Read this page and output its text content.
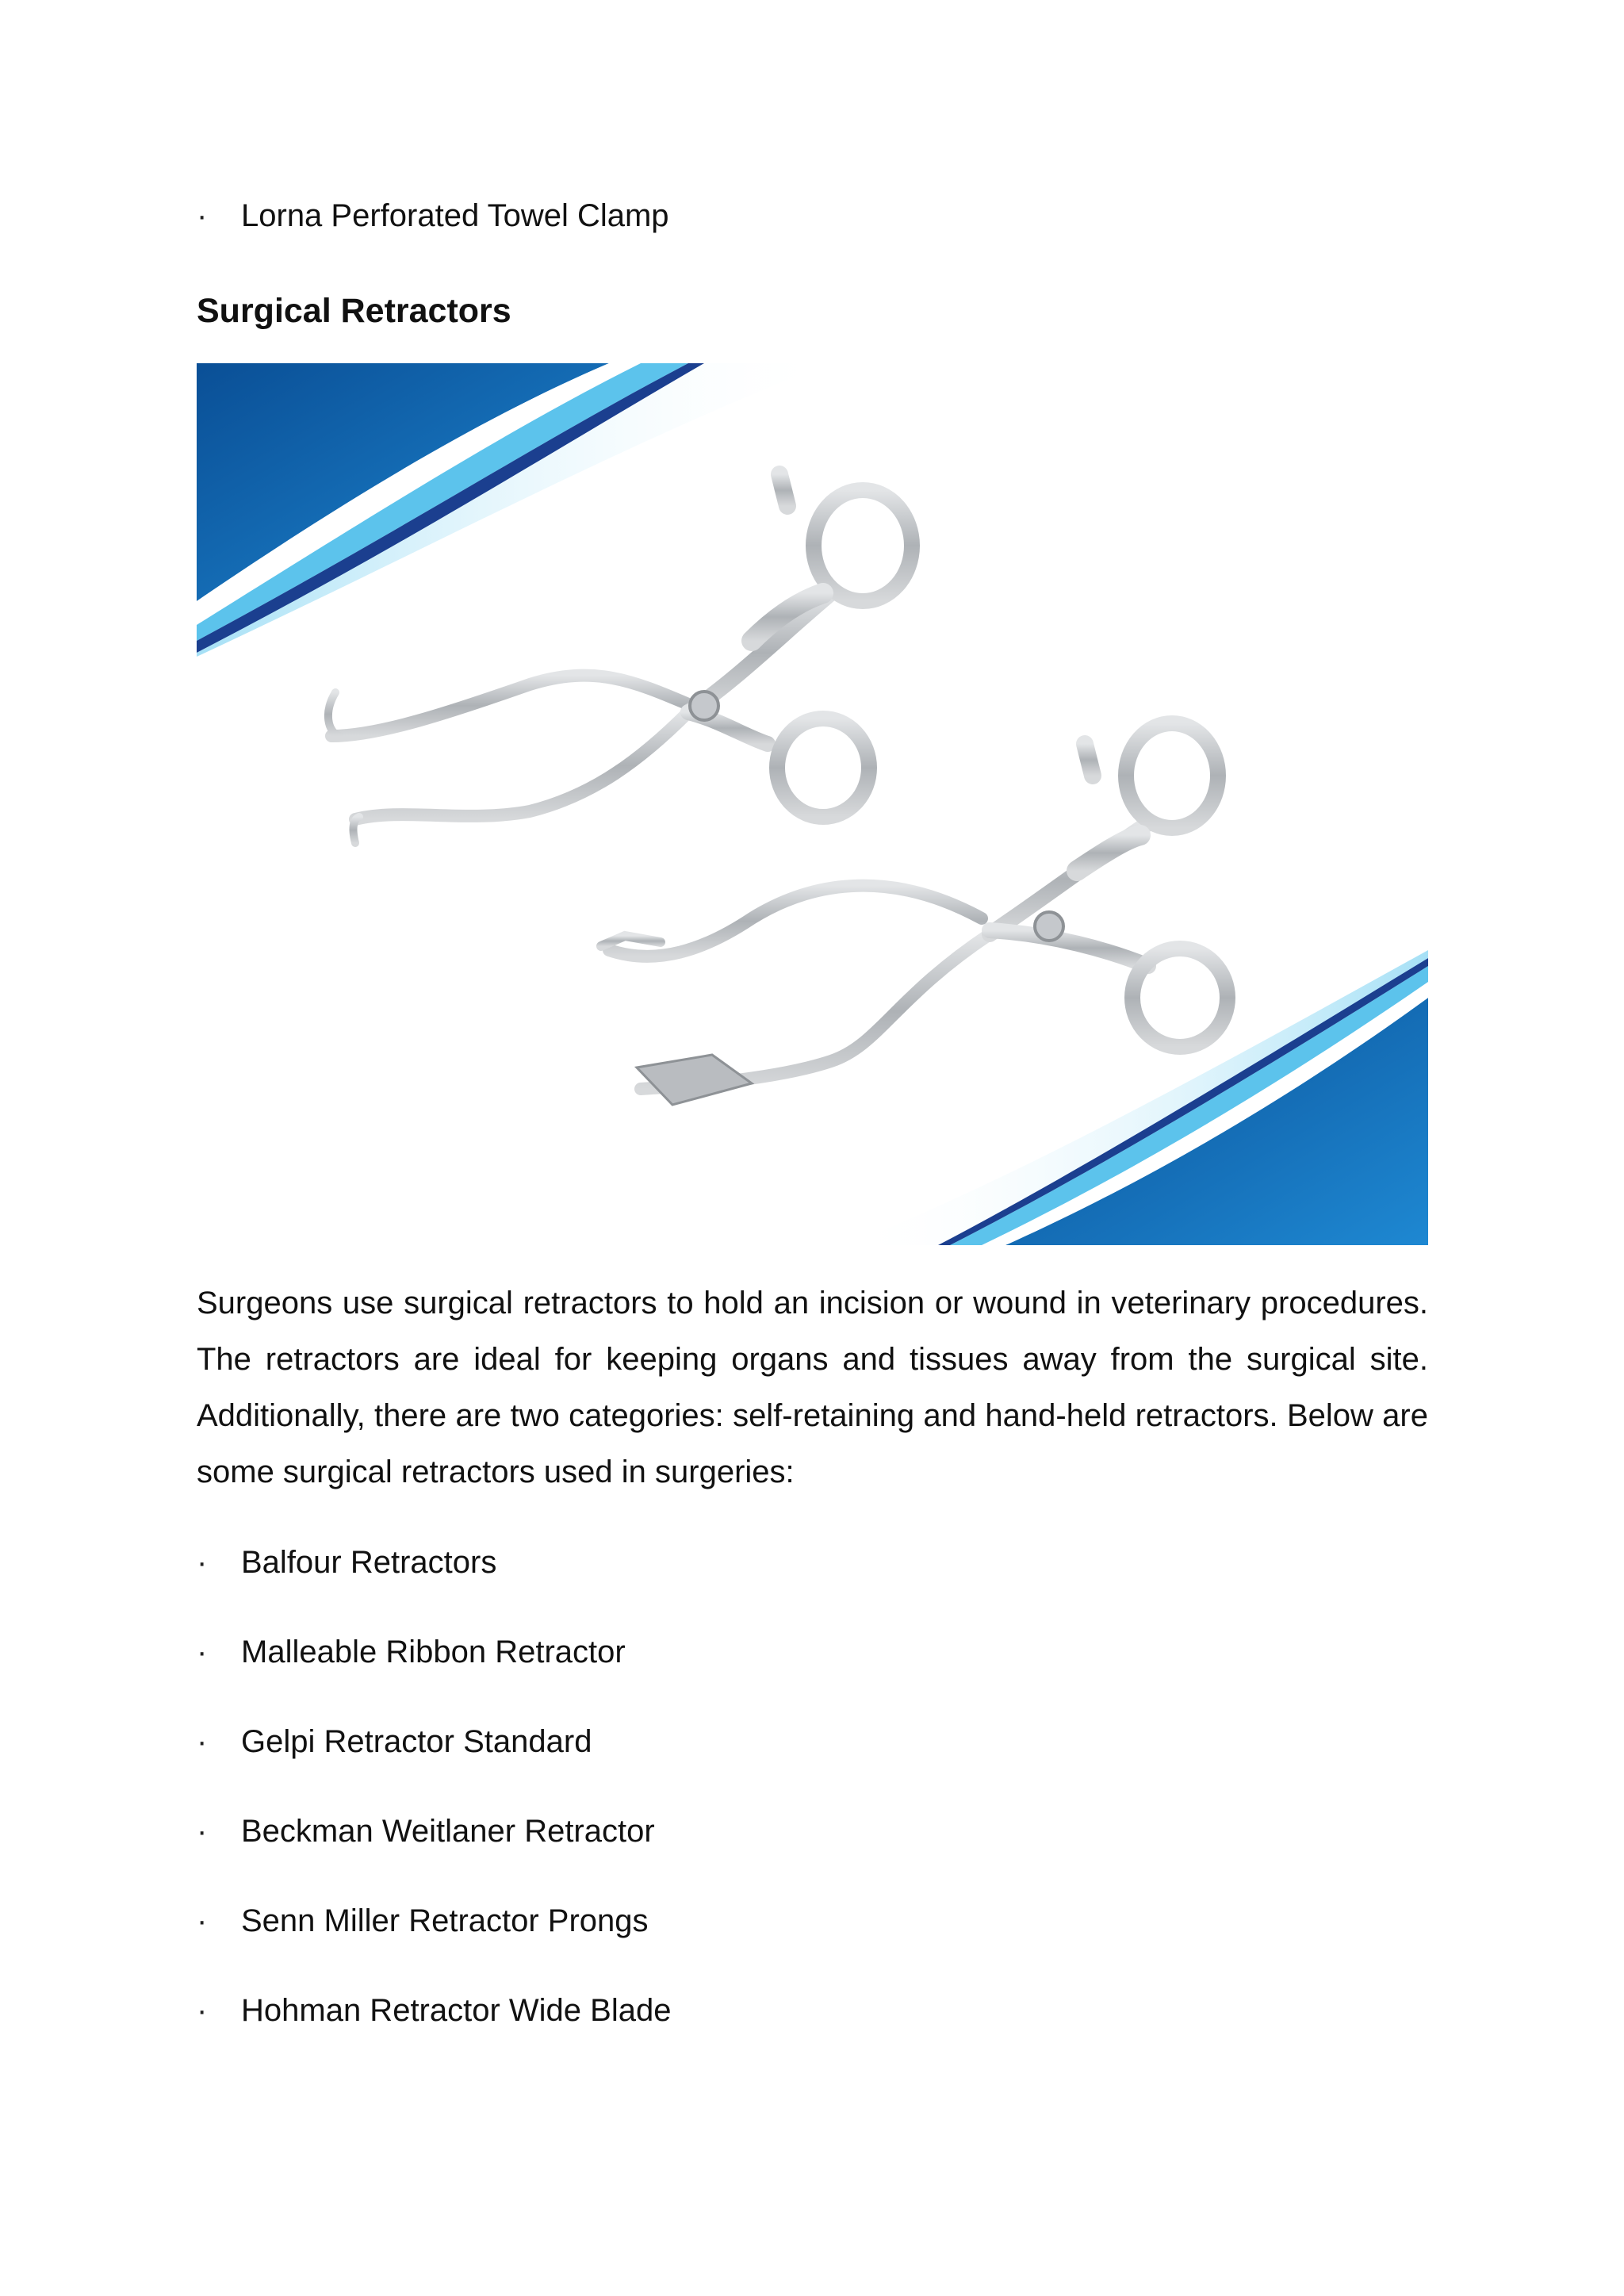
·	Lorna Perforated Towel Clamp
Surgical Retractors

Surgeons use surgical retractors to hold an incision or wound in veterinary procedures. The retractors are ideal for keeping organs and tissues away from the surgical site. Additionally, there are two categories: self-retaining and hand-held retractors. Below are some surgical retractors used in surgeries:

·	Balfour Retractors
·	Malleable Ribbon Retractor
·	Gelpi Retractor Standard
·	Beckman Weitlaner Retractor
·	Senn Miller Retractor Prongs
·	Hohman Retractor Wide Blade
